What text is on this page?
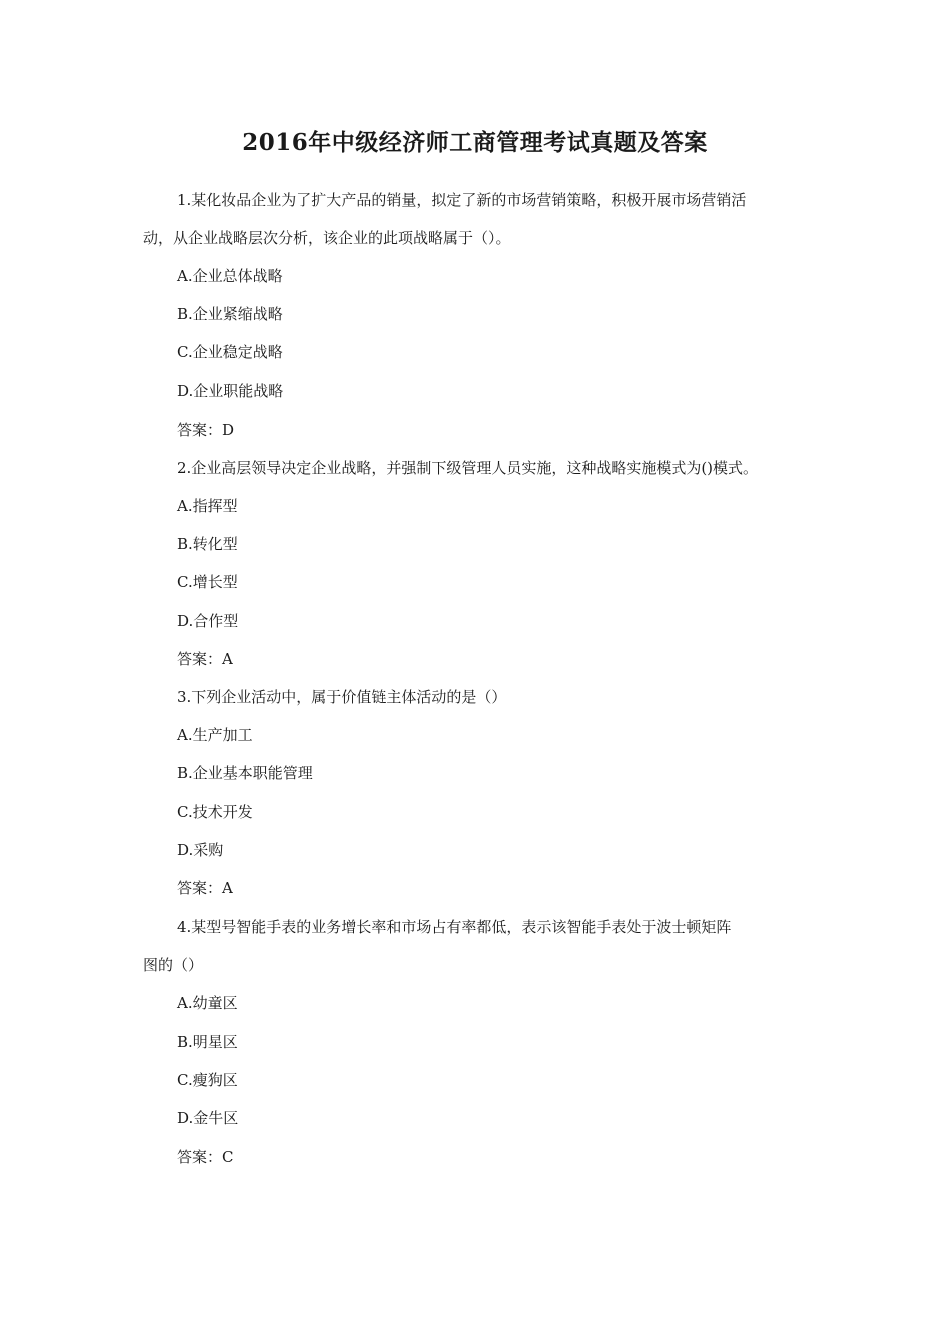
2016年中级经济师工商管理考试真题及答案
1.某化妆品企业为了扩大产品的销量，拟定了新的市场营销策略，积极开展市场营销活
动，从企业战略层次分析，该企业的此项战略属于（）。
A.企业总体战略
B.企业紧缩战略
C.企业稳定战略
D.企业职能战略
答案：D
2.企业高层领导决定企业战略，并强制下级管理人员实施，这种战略实施模式为()模式。
A.指挥型
B.转化型
C.增长型
D.合作型
答案：A
3.下列企业活动中，属于价值链主体活动的是（）
A.生产加工
B.企业基本职能管理
C.技术开发
D.采购
答案：A
4.某型号智能手表的业务增长率和市场占有率都低，表示该智能手表处于波士顿矩阵
图的（）
A.幼童区
B.明星区
C.瘦狗区
D.金牛区
答案：C
